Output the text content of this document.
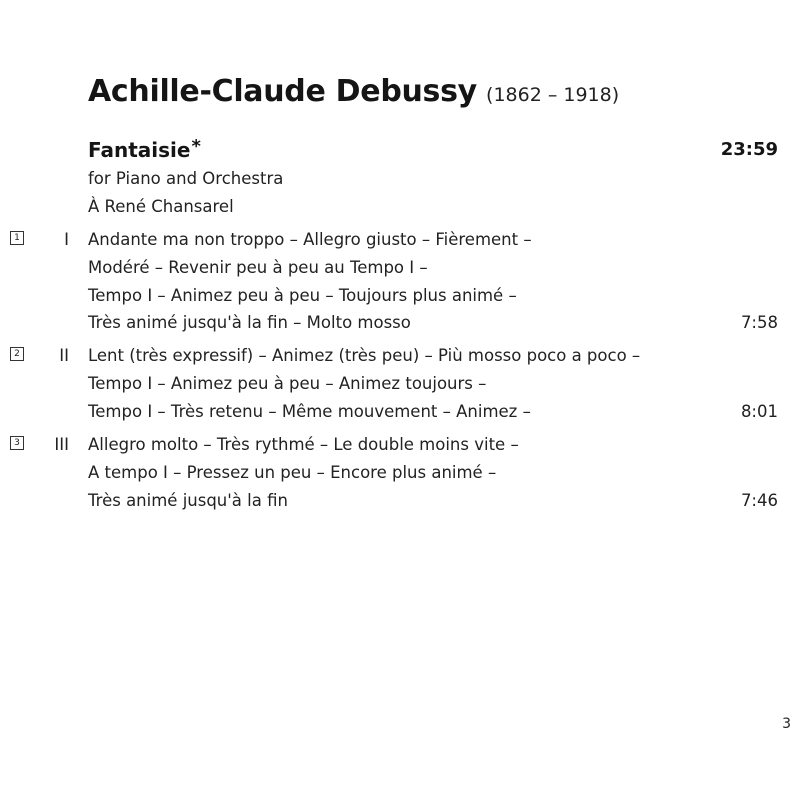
Achille-Claude Debussy (1862 – 1918)
Fantaisie*	23:59
for Piano and Orchestra
À René Chansarel
1	I Andante ma non troppo – Allegro giusto – Fièrement –
Modéré – Revenir peu à peu au Tempo I –
Tempo I – Animez peu à peu – Toujours plus animé –
Très animé jusqu'à la fin – Molto mosso	7:58
2	II Lent (très expressif) – Animez (très peu) – Più mosso poco a poco –
Tempo I – Animez peu à peu – Animez toujours –
Tempo I – Très retenu – Même mouvement – Animez –	8:01
3	III Allegro molto – Très rythmé – Le double moins vite –
A tempo I – Pressez un peu – Encore plus animé –
Très animé jusqu'à la fin	7:46
3
